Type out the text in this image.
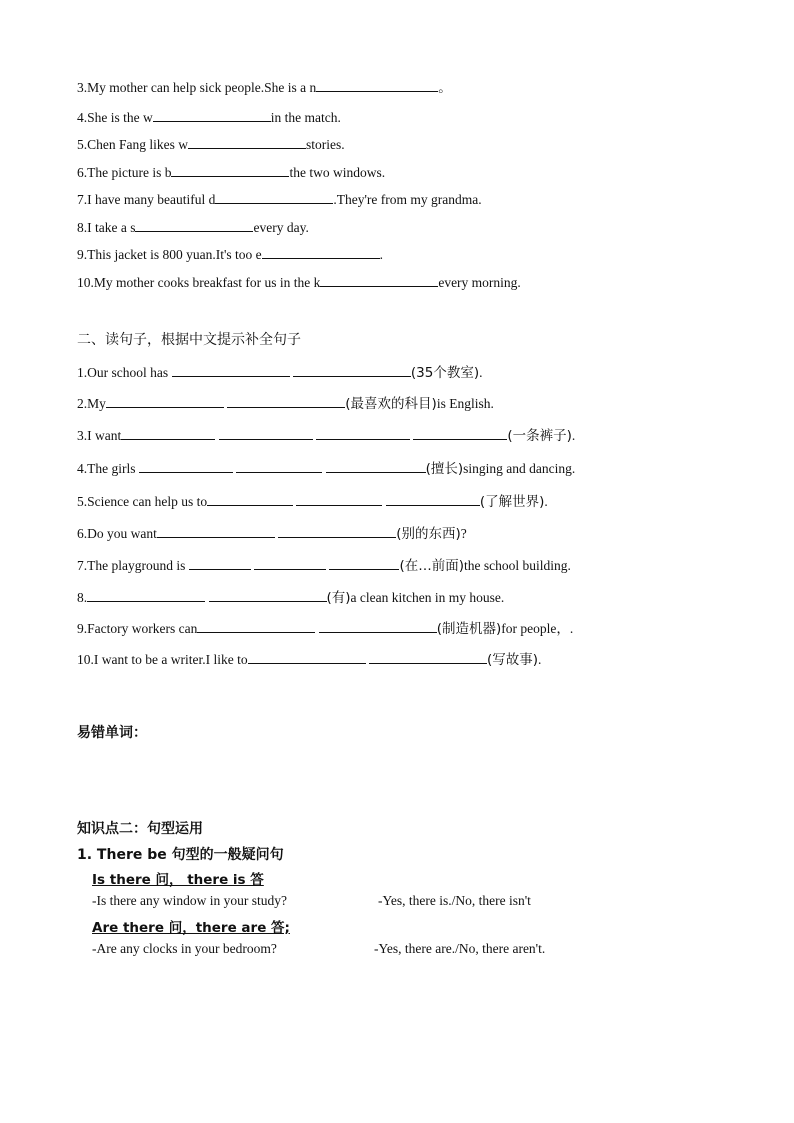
3.My mother can help sick people.She is a n	。
4.She is the w	in the match.
5.Chen Fang likes w	stories.
6.The picture is b	the two windows.
7.I have many beautiful d	.They're from my grandma.
8.I take a s	every day.
9.This jacket is 800 yuan.It's too e	.
10.My mother cooks breakfast for us in the k	every morning.
二、读句子，根据中文提示补全句子
1.Our school has	(35个教室).
2.My	(最喜欢的科目)is English.
3.I want	(一条裤子).
4.The girls	(擅长)singing and dancing.
5.Science can help us to	(了解世界).
6.Do you want	(别的东西)?
7.The playground is	(在…前面)the school building.
8.	(有)a clean kitchen in my house.
9.Factory workers can	(制造机器)for people，.
10.I want to be a writer.I like to	(写故事).
易错单词：
知识点二：句型运用
1. There be 句型的一般疑问句
Is there 问， there is 答
-Is there any window in your study?	-Yes, there is./No, there isn't
Are there 问，there are 答;
-Are any clocks in your bedroom?	-Yes, there are./No, there aren't.
